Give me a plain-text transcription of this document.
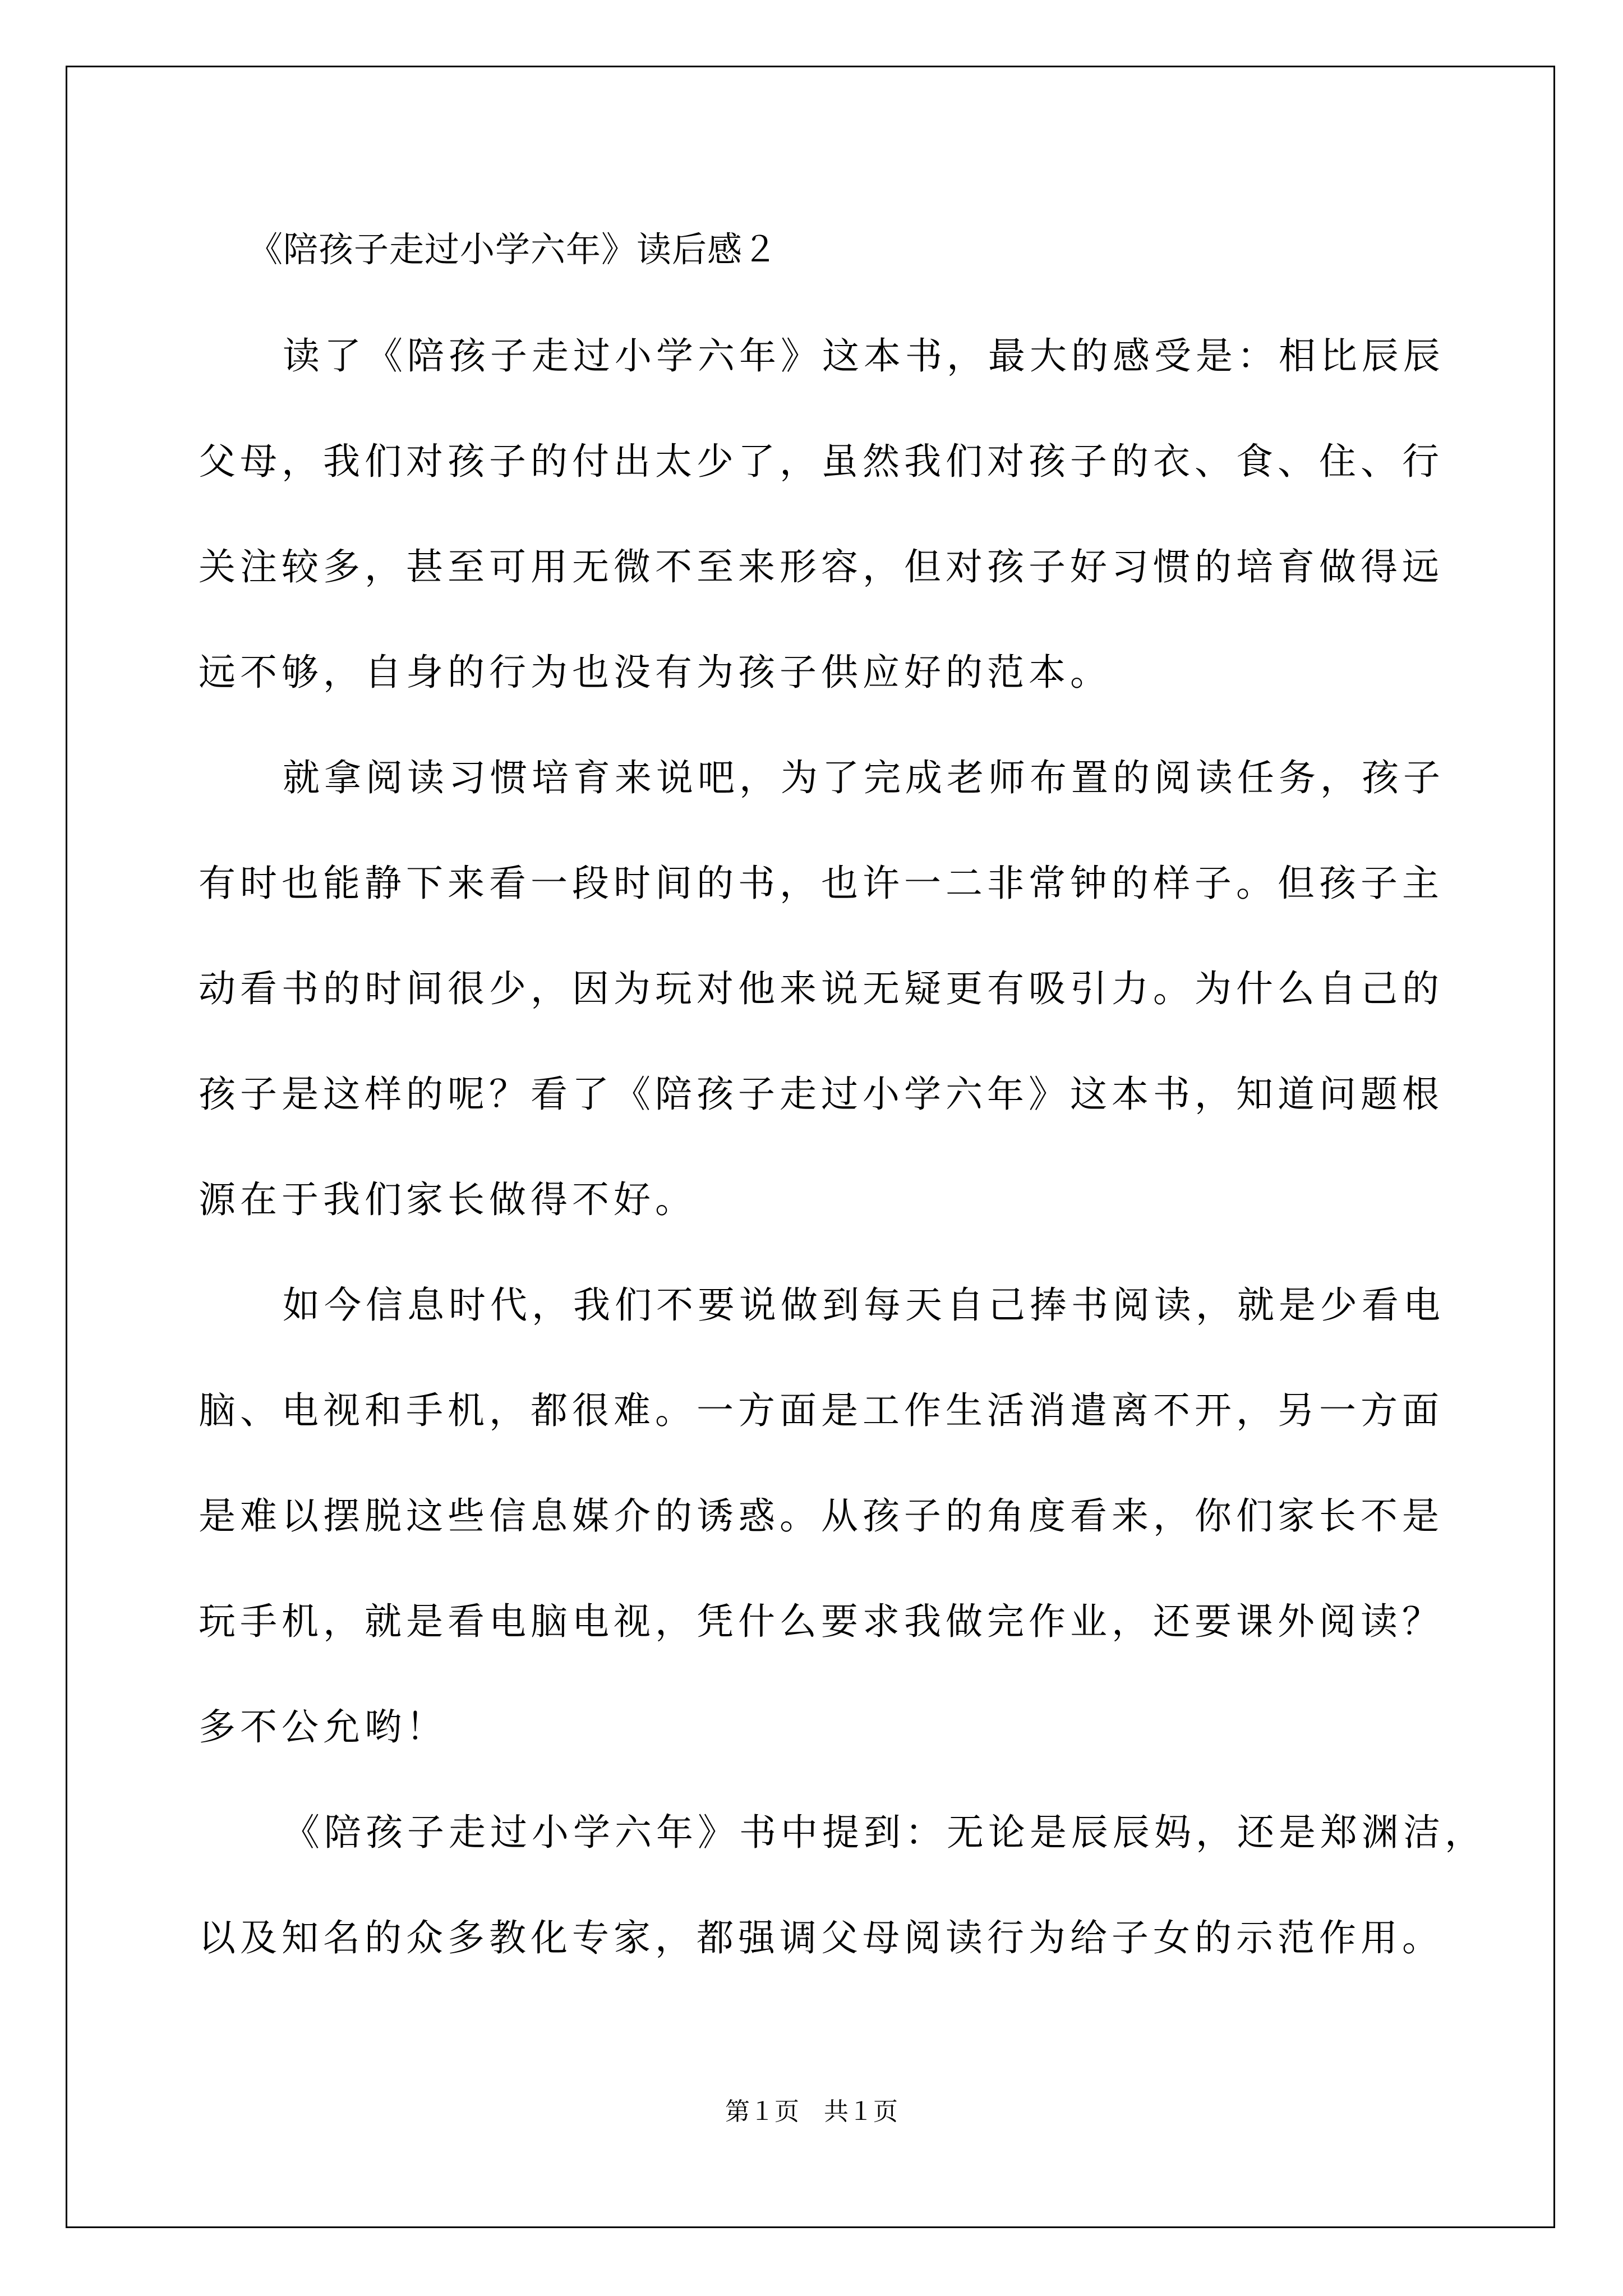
《陪孩子走过小学六年》读后感２
读了《陪孩子走过小学六年》这本书，最大的感受是：相比辰辰
父母，我们对孩子的付出太少了，虽然我们对孩子的衣、食、住、行
关注较多，甚至可用无微不至来形容，但对孩子好习惯的培育做得远
远不够，自身的行为也没有为孩子供应好的范本。
就拿阅读习惯培育来说吧，为了完成老师布置的阅读任务，孩子
有时也能静下来看一段时间的书，也许一二非常钟的样子。但孩子主
动看书的时间很少，因为玩对他来说无疑更有吸引力。为什么自己的
孩子是这样的呢？看了《陪孩子走过小学六年》这本书，知道问题根
源在于我们家长做得不好。
如今信息时代，我们不要说做到每天自己捧书阅读，就是少看电
脑、电视和手机，都很难。一方面是工作生活消遣离不开，另一方面
是难以摆脱这些信息媒介的诱惑。从孩子的角度看来，你们家长不是
玩手机，就是看电脑电视，凭什么要求我做完作业，还要课外阅读？
多不公允哟！
《陪孩子走过小学六年》书中提到：无论是辰辰妈，还是郑渊洁，
以及知名的众多教化专家，都强调父母阅读行为给子女的示范作用。
第１页　共１页
